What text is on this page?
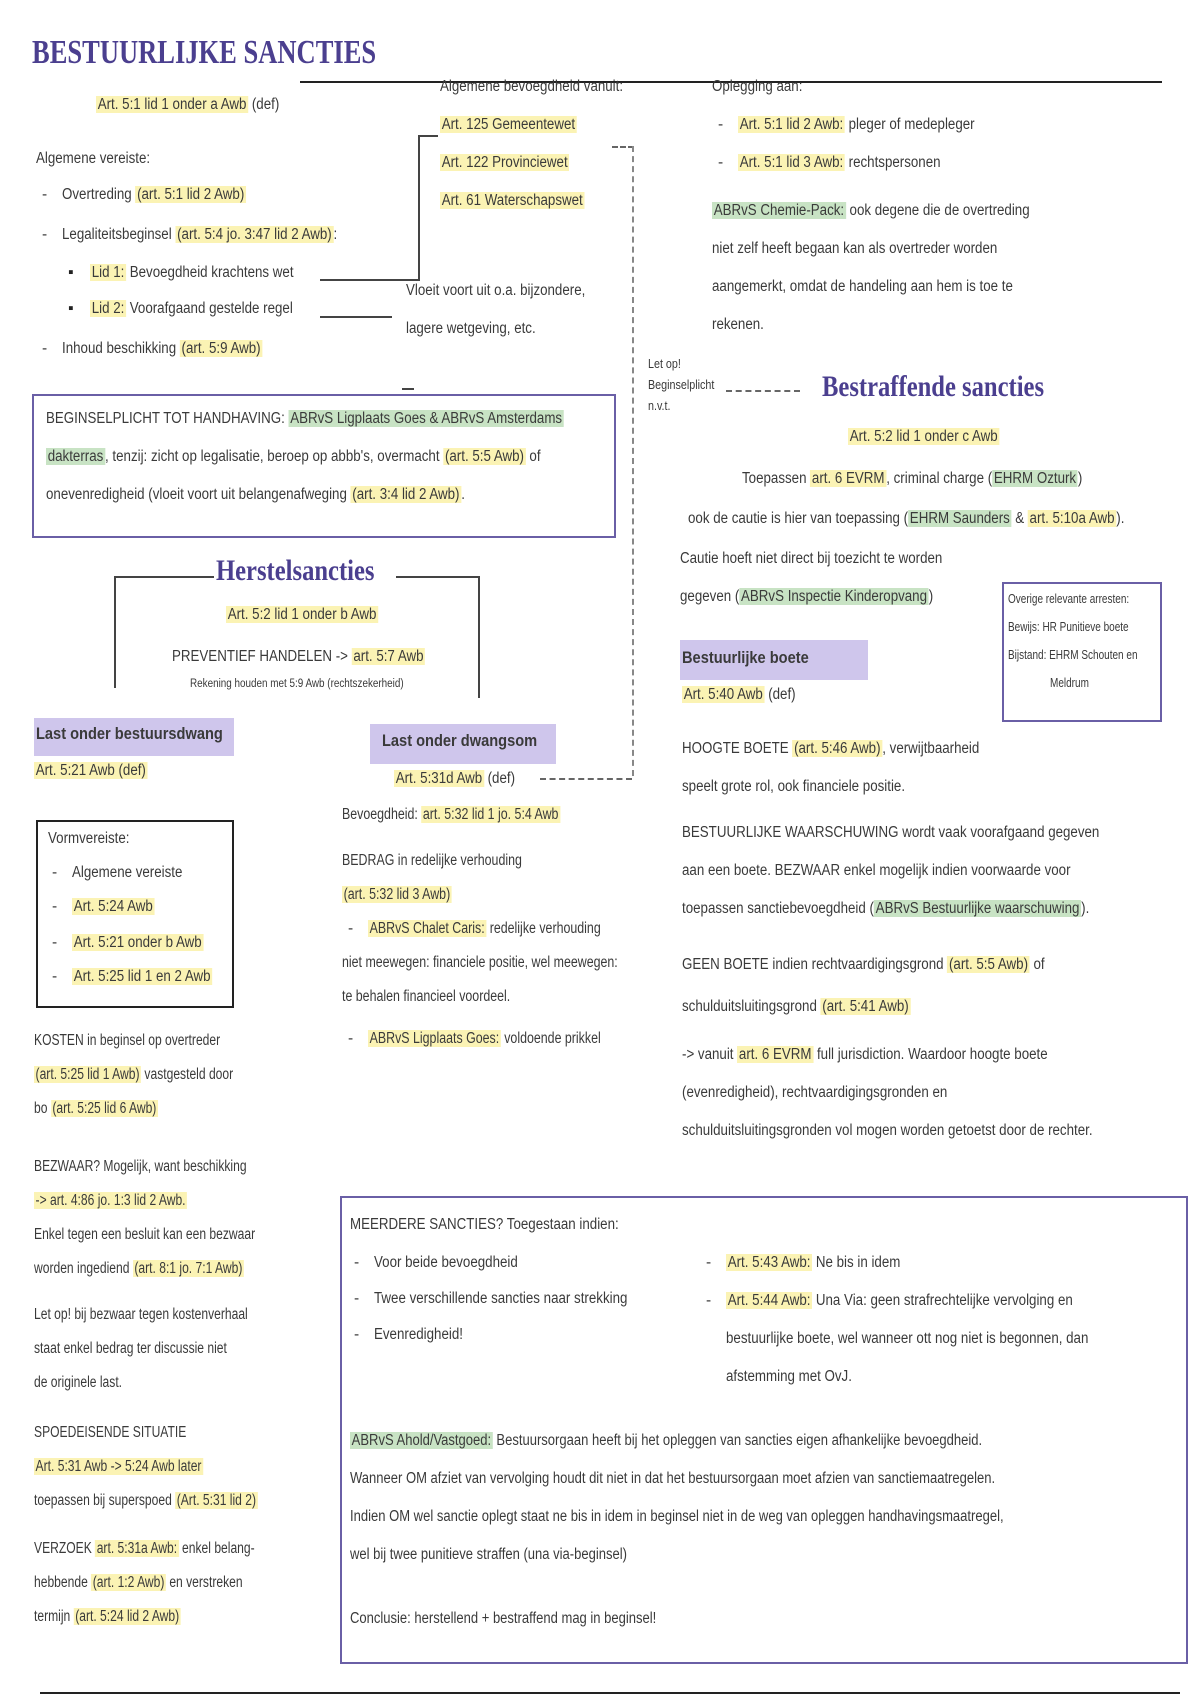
BESTUURLIJKE SANCTIES
Art. 5:1 lid 1 onder a Awb (def)
Algemene vereiste:
- Overtreding (art. 5:1 lid 2 Awb)
- Legaliteitsbeginsel (art. 5:4 jo. 3:47 lid 2 Awb) :
▪ Lid 1: Bevoegdheid krachtens wet
▪ Lid 2: Voorafgaand gestelde regel
- Inhoud beschikking (art. 5:9 Awb)
Algemene bevoegdheid vanuit:
Art. 125 Gemeentewet
Art. 122 Provinciewet
Art. 61 Waterschapswet
Vloeit voort uit o.a. bijzondere,
lagere wetgeving, etc.
Oplegging aan:
- Art. 5:1 lid 2 Awb: pleger of medepleger
- Art. 5:1 lid 3 Awb: rechtspersonen
ABRvS Chemie-Pack: ook degene die de overtreding
niet zelf heeft begaan kan als overtreder worden
aangemerkt, omdat de handeling aan hem is toe te
rekenen.
Let op!
Beginselplicht
n.v.t.
BEGINSELPLICHT TOT HANDHAVING: ABRvS Ligplaats Goes & ABRvS Amsterdams
dakterras , tenzij: zicht op legalisatie, beroep op abbb's, overmacht (art. 5:5 Awb) of
onevenredigheid (vloeit voort uit belangenafweging (art. 3:4 lid 2 Awb) .
Herstelsancties
Art. 5:2 lid 1 onder b Awb
PREVENTIEF HANDELEN -> art. 5:7 Awb
Rekening houden met 5:9 Awb (rechtszekerheid)
Last onder bestuursdwang
Art. 5:21 Awb (def)
Vormvereiste:
- Algemene vereiste
- Art. 5:24 Awb
- Art. 5:21 onder b Awb
- Art. 5:25 lid 1 en 2 Awb
KOSTEN in beginsel op overtreder
(art. 5:25 lid 1 Awb) vastgesteld door
bo (art. 5:25 lid 6 Awb)
BEZWAAR? Mogelijk, want beschikking
-> art. 4:86 jo. 1:3 lid 2 Awb.
Enkel tegen een besluit kan een bezwaar
worden ingediend (art. 8:1 jo. 7:1 Awb)
Let op! bij bezwaar tegen kostenverhaal
staat enkel bedrag ter discussie niet
de originele last.
SPOEDEISENDE SITUATIE
Art. 5:31 Awb -> 5:24 Awb later
toepassen bij superspoed (Art. 5:31 lid 2)
VERZOEK art. 5:31a Awb: enkel belang-
hebbende (art. 1:2 Awb) en verstreken
termijn (art. 5:24 lid 2 Awb)
Last onder dwangsom
Art. 5:31d Awb (def)
Bevoegdheid: art. 5:32 lid 1 jo. 5:4 Awb
BEDRAG in redelijke verhouding
(art. 5:32 lid 3 Awb)
- ABRvS Chalet Caris: redelijke verhouding
niet meewegen: financiele positie, wel meewegen:
te behalen financieel voordeel.
- ABRvS Ligplaats Goes: voldoende prikkel
Bestraffende sancties
Art. 5:2 lid 1 onder c Awb
Toepassen art. 6 EVRM , criminal charge ( EHRM Ozturk )
ook de cautie is hier van toepassing ( EHRM Saunders & art. 5:10a Awb ).
Cautie hoeft niet direct bij toezicht te worden
gegeven ( ABRvS Inspectie Kinderopvang )	Overige relevante arresten:
Bewijs: HR Punitieve boete
Bijstand: EHRM Schouten en
Meldrum
Bestuurlijke boete
Art. 5:40 Awb (def)
HOOGTE BOETE (art. 5:46 Awb) , verwijtbaarheid
speelt grote rol, ook financiele positie.
BESTUURLIJKE WAARSCHUWING wordt vaak voorafgaand gegeven
aan een boete. BEZWAAR enkel mogelijk indien voorwaarde voor
toepassen sanctiebevoegdheid ( ABRvS Bestuurlijke waarschuwing ).
GEEN BOETE indien rechtvaardigingsgrond (art. 5:5 Awb) of
schulduitsluitingsgrond (art. 5:41 Awb)
-> vanuit art. 6 EVRM full jurisdiction. Waardoor hoogte boete
(evenredigheid), rechtvaardigingsgronden en
schulduitsluitingsgronden vol mogen worden getoetst door de rechter.
MEERDERE SANCTIES? Toegestaan indien:
- Voor beide bevoegdheid
- Twee verschillende sancties naar strekking
- Evenredigheid!
- Art. 5:43 Awb: Ne bis in idem
- Art. 5:44 Awb: Una Via: geen strafrechtelijke vervolging en
bestuurlijke boete, wel wanneer ott nog niet is begonnen, dan
afstemming met OvJ.
ABRvS Ahold/Vastgoed: Bestuursorgaan heeft bij het opleggen van sancties eigen afhankelijke bevoegdheid.
Wanneer OM afziet van vervolging houdt dit niet in dat het bestuursorgaan moet afzien van sanctiemaatregelen.
Indien OM wel sanctie oplegt staat ne bis in idem in beginsel niet in de weg van opleggen handhavingsmaatregel,
wel bij twee punitieve straffen (una via-beginsel)
Conclusie: herstellend + bestraffend mag in beginsel!
